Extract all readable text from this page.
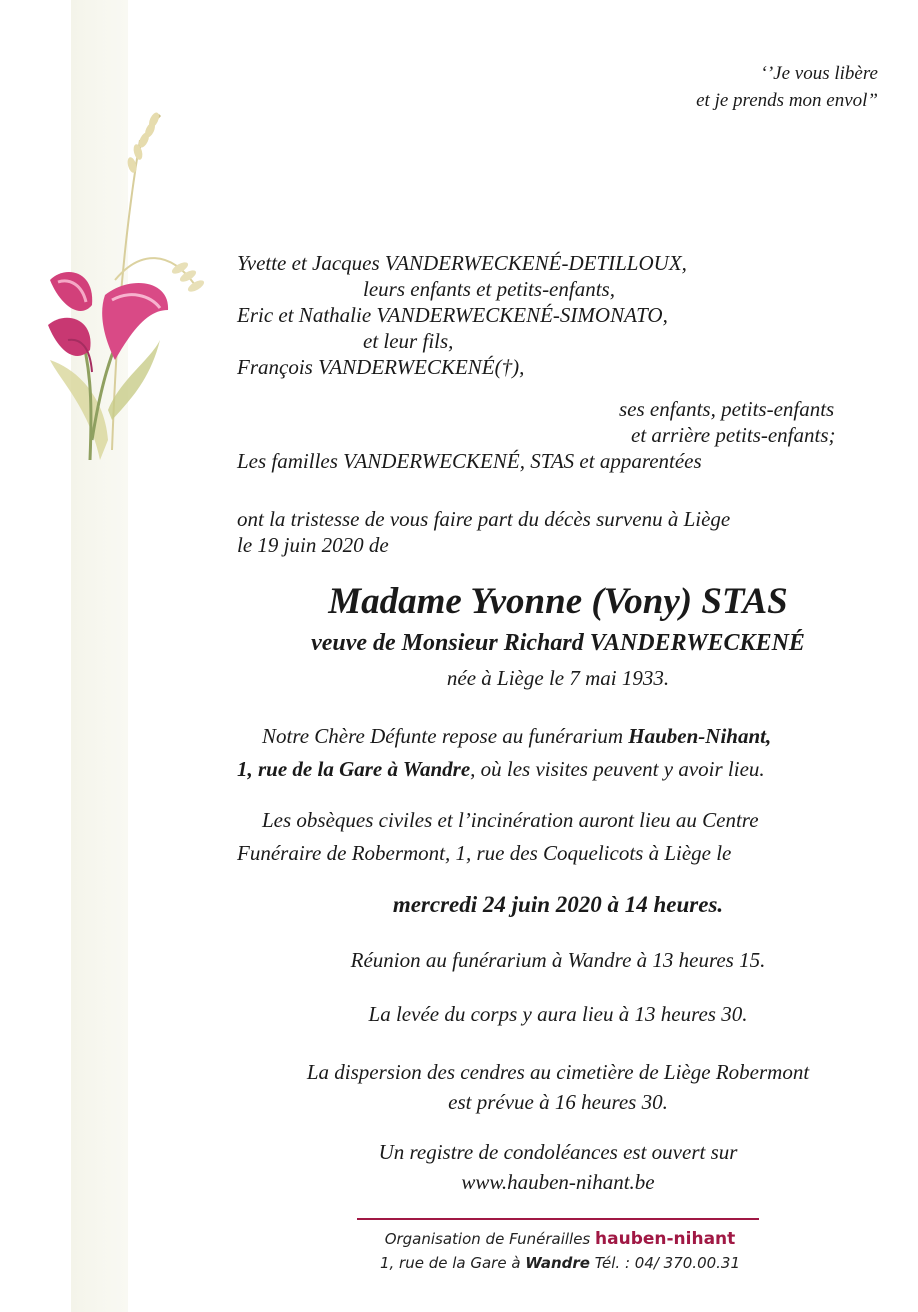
‘’Je vous libère
et je prends mon envol”
Yvette et Jacques VANDERWECKENÉ-DETILLOUX,
leurs enfants et petits-enfants,
Eric et Nathalie VANDERWECKENÉ-SIMONATO,
et leur fils,
François VANDERWECKENÉ(†),
ses enfants, petits-enfants
et arrière petits-enfants;
Les familles VANDERWECKENÉ, STAS et apparentées
ont la tristesse de vous faire part du décès survenu à Liège
le 19 juin 2020 de
Madame Yvonne (Vony) STAS
veuve de Monsieur Richard VANDERWECKENÉ
née à Liège le 7 mai 1933.
Notre Chère Défunte repose au funérarium Hauben-Nihant,
1, rue de la Gare à Wandre, où les visites peuvent y avoir lieu.
Les obsèques civiles et l’incinération auront lieu au Centre
Funéraire de Robermont, 1, rue des Coquelicots à Liège le
mercredi 24 juin 2020 à 14 heures.
Réunion au funérarium à Wandre à 13 heures 15.
La levée du corps y aura lieu à 13 heures 30.
La dispersion des cendres au cimetière de Liège Robermont
est prévue à 16 heures 30.
Un registre de condoléances est ouvert sur
www.hauben-nihant.be
Organisation de Funérailles hauben-nihant
1, rue de la Gare à Wandre Tél. : 04/ 370.00.31
